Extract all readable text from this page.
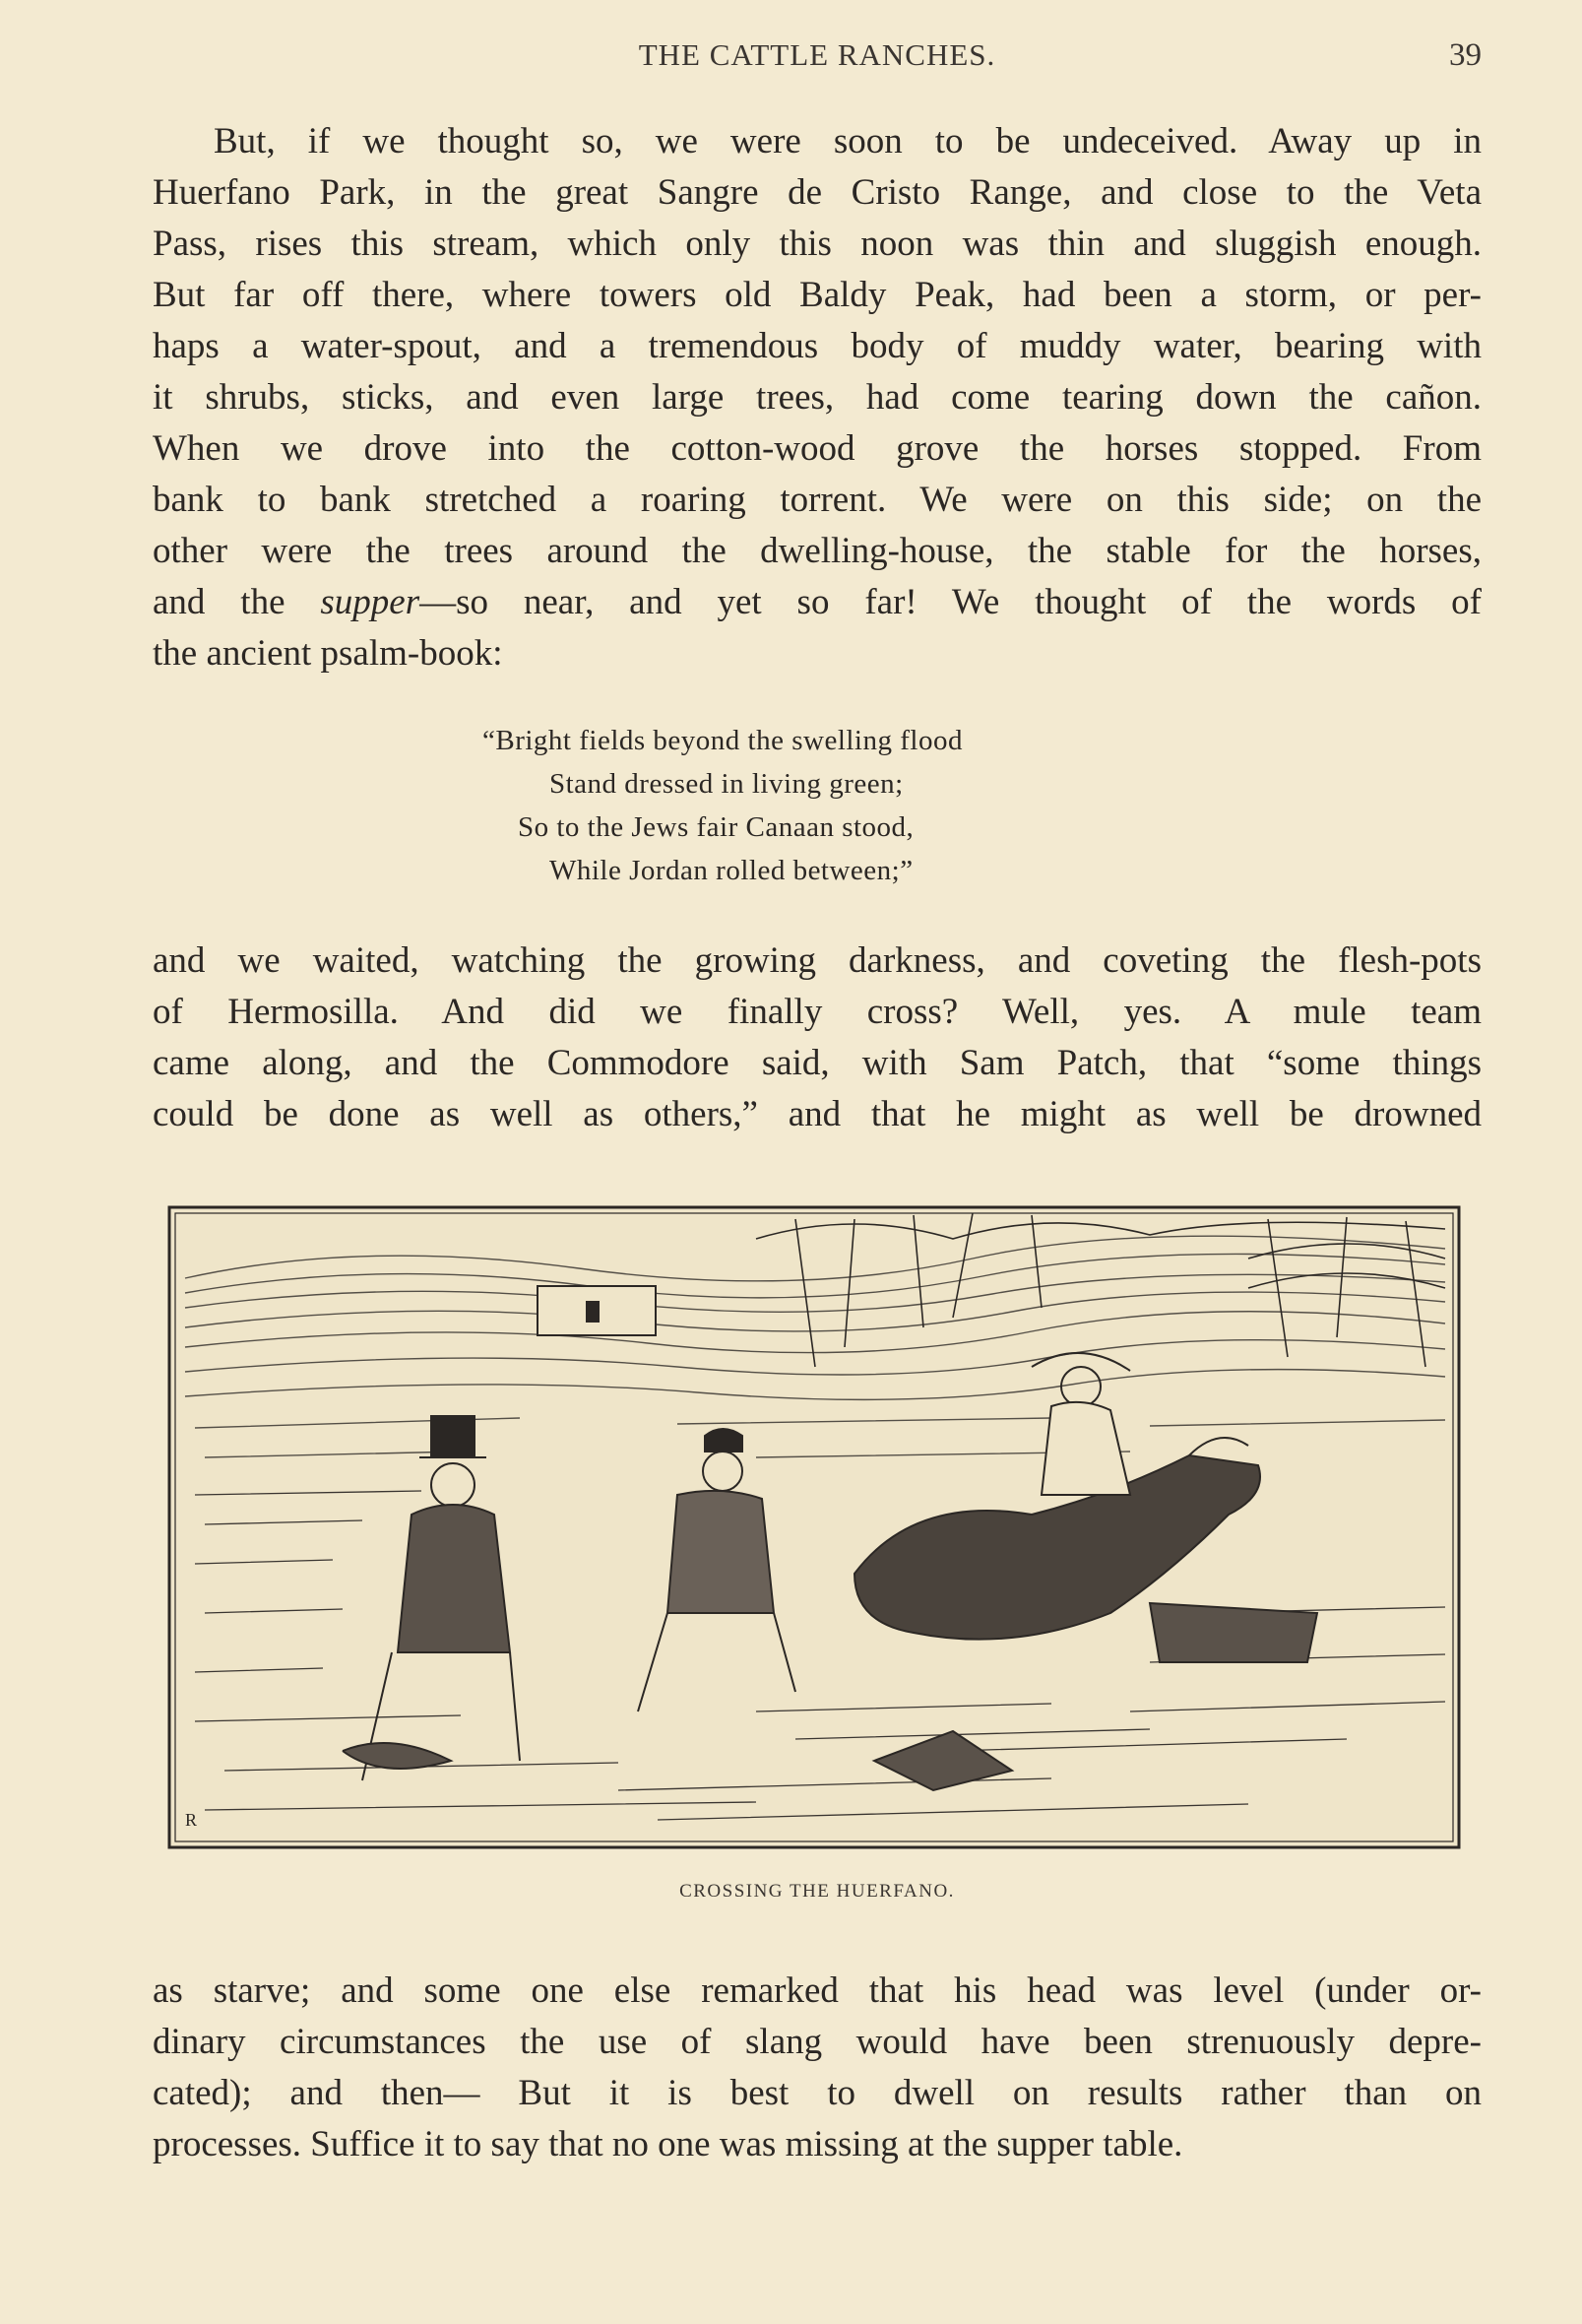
THE CATTLE RANCHES.	39
But, if we thought so, we were soon to be undeceived. Away up in
Huerfano Park, in the great Sangre de Cristo Range, and close to the Veta
Pass, rises this stream, which only this noon was thin and sluggish enough.
But far off there, where towers old Baldy Peak, had been a storm, or per-
haps a water-spout, and a tremendous body of muddy water, bearing with
it shrubs, sticks, and even large trees, had come tearing down the cañon.
When we drove into the cotton-wood grove the horses stopped. From
bank to bank stretched a roaring torrent. We were on this side; on the
other were the trees around the dwelling-house, the stable for the horses,
and the supper—so near, and yet so far! We thought of the words of
the ancient psalm-book:
“Bright fields beyond the swelling flood
Stand dressed in living green;
So to the Jews fair Canaan stood,
While Jordan rolled between;”
and we waited, watching the growing darkness, and coveting the flesh-pots
of Hermosilla. And did we finally cross? Well, yes. A mule team
came along, and the Commodore said, with Sam Patch, that “some things
could be done as well as others,” and that he might as well be drowned
R
CROSSING THE HUERFANO.
as starve; and some one else remarked that his head was level (under or-
dinary circumstances the use of slang would have been strenuously depre-
cated); and then— But it is best to dwell on results rather than on
processes. Suffice it to say that no one was missing at the supper table.
